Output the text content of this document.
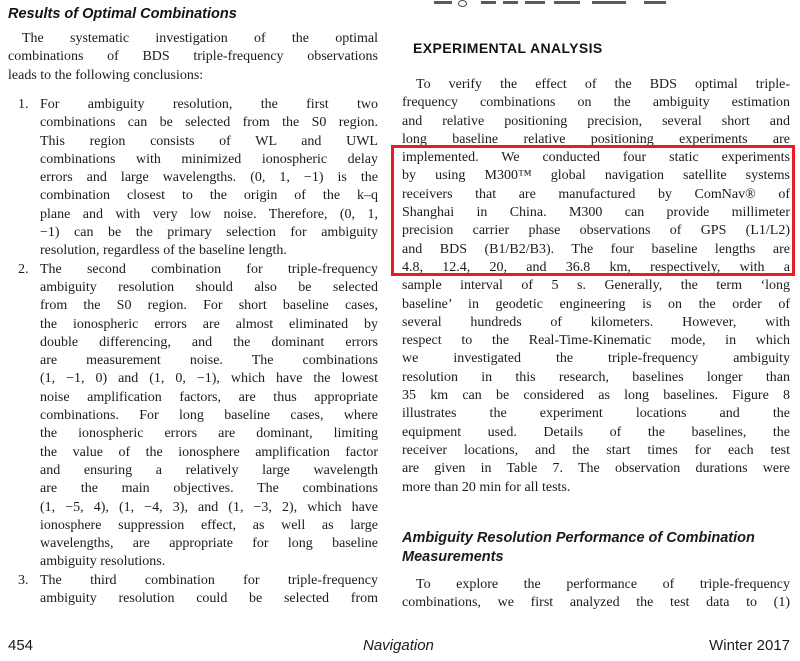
Results of Optimal Combinations
The systematic investigation of the optimal
combinations of BDS triple-frequency observations
leads to the following conclusions:
1. For ambiguity resolution, the first two
combinations can be selected from the S0 region.
This region consists of WL and UWL
combinations with minimized ionospheric delay
errors and large wavelengths. (0, 1, −1) is the
combination closest to the origin of the k–q
plane and with very low noise. Therefore, (0, 1,
−1) can be the primary selection for ambiguity
resolution, regardless of the baseline length.
2. The second combination for triple-frequency
ambiguity resolution should also be selected
from the S0 region. For short baseline cases,
the ionospheric errors are almost eliminated by
double differencing, and the dominant errors
are measurement noise. The combinations
(1, −1, 0) and (1, 0, −1), which have the lowest
noise amplification factors, are thus appropriate
combinations. For long baseline cases, where
the ionospheric errors are dominant, limiting
the value of the ionosphere amplification factor
and ensuring a relatively large wavelength
are the main objectives. The combinations
(1, −5, 4), (1, −4, 3), and (1, −3, 2), which have
ionosphere suppression effect, as well as large
wavelengths, are appropriate for long baseline
ambiguity resolutions.
3. The third combination for triple-frequency
ambiguity resolution could be selected from
EXPERIMENTAL ANALYSIS
To verify the effect of the BDS optimal triple-
frequency combinations on the ambiguity estimation
and relative positioning precision, several short and
long baseline relative positioning experiments are
implemented. We conducted four static experiments
by using M300™ global navigation satellite systems
receivers that are manufactured by ComNav® of
Shanghai in China. M300 can provide millimeter
precision carrier phase observations of GPS (L1/L2)
and BDS (B1/B2/B3). The four baseline lengths are
4.8, 12.4, 20, and 36.8 km, respectively, with a
sample interval of 5 s. Generally, the term ‘long
baseline’ in geodetic engineering is on the order of
several hundreds of kilometers. However, with
respect to the Real-Time-Kinematic mode, in which
we investigated the triple-frequency ambiguity
resolution in this research, baselines longer than
35 km can be considered as long baselines. Figure 8
illustrates the experiment locations and the
equipment used. Details of the baselines, the
receiver locations, and the start times for each test
are given in Table 7. The observation durations were
more than 20 min for all tests.
Ambiguity Resolution Performance of Combination
Measurements
To explore the performance of triple-frequency
combinations, we first analyzed the test data to (1)
454	Navigation	Winter 2017
